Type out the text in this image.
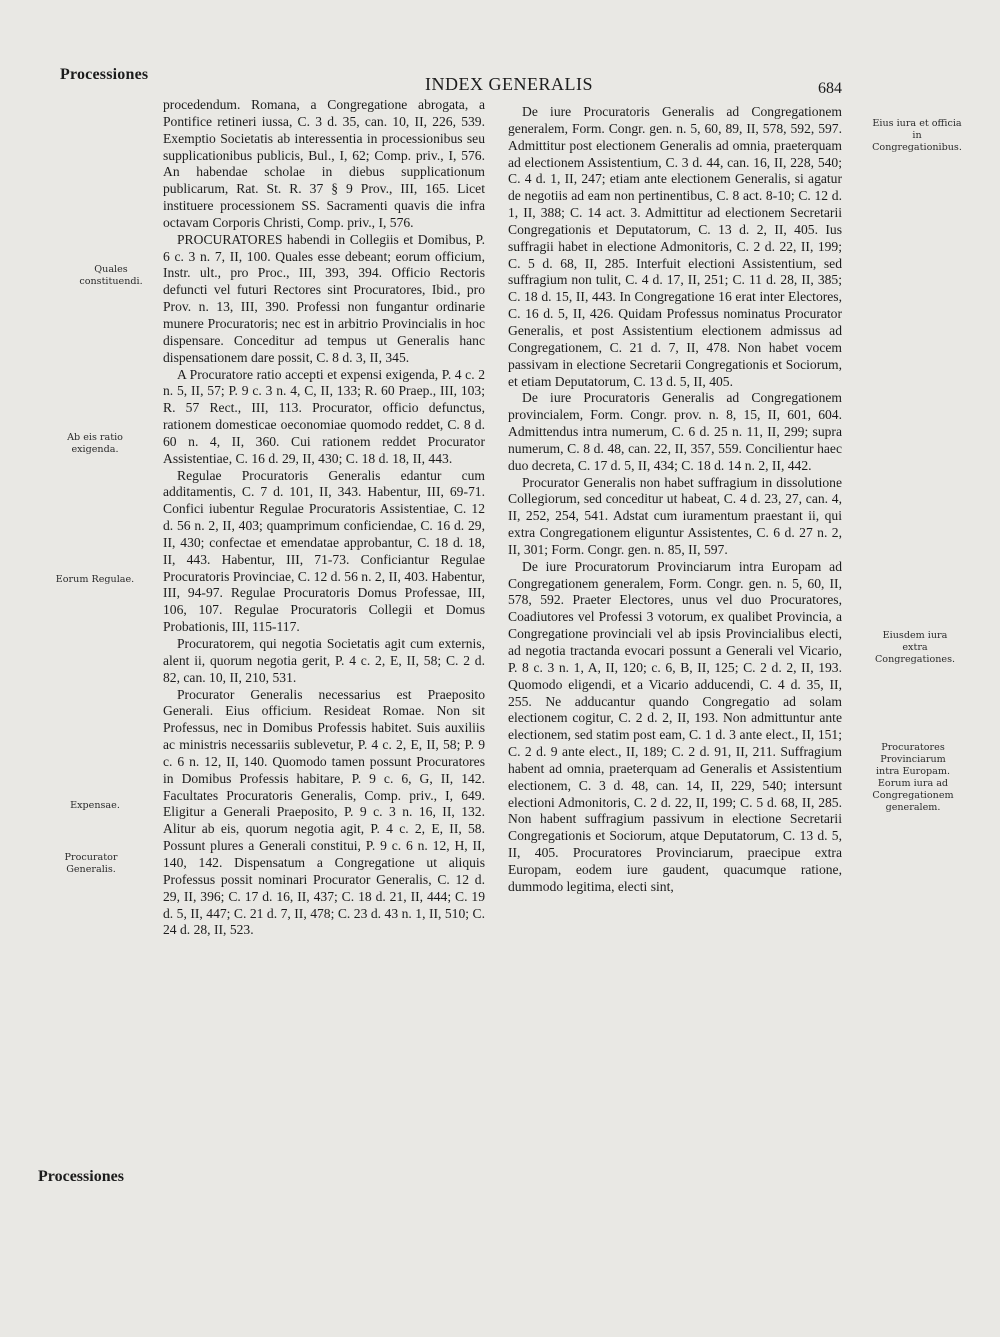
Processiones	INDEX GENERALIS	684
Quales constituendi.
Ab eis ratio exigenda.
Eorum Regulae.
Expensae.
Procurator Generalis.
Eius iura et officia in Congregationibus.
Eiusdem iura extra Congregationes.
Procuratores Provinciarum intra Europam. Eorum iura ad Congregationem generalem.

procedendum. Romana, a Congregatione abrogata, a Pontifice retineri iussa, C. 3 d. 35, can. 10, II, 226, 539. Exemptio Societatis ab interessentia in processionibus seu supplicationibus publicis, Bul., I, 62; Comp. priv., I, 576. An habendae scholae in diebus supplicationum publicarum, Rat. St. R. 37 § 9 Prov., III, 165. Licet instituere processionem SS. Sacramenti quavis die infra octavam Corporis Christi, Comp. priv., I, 576.

PROCURATORES habendi in Collegiis et Domibus, P. 6 c. 3 n. 7, II, 100. Quales esse debeant; eorum officium, Instr. ult., pro Proc., III, 393, 394. Officio Rectoris defuncti vel futuri Rectores sint Procuratores, Ibid., pro Prov. n. 13, III, 390. Professi non fungantur ordinarie munere Procuratoris; nec est in arbitrio Provincialis in hoc dispensare. Conceditur ad tempus ut Generalis hanc dispensationem dare possit, C. 8 d. 3, II, 345.

A Procuratore ratio accepti et expensi exigenda, P. 4 c. 2 n. 5, II, 57; P. 9 c. 3 n. 4, C, II, 133; R. 60 Praep., III, 103; R. 57 Rect., III, 113. Procurator, officio defunctus, rationem domesticae oeconomiae quomodo reddet, C. 8 d. 60 n. 4, II, 360. Cui rationem reddet Procurator Assistentiae, C. 16 d. 29, II, 430; C. 18 d. 18, II, 443.

Regulae Procuratoris Generalis edantur cum additamentis, C. 7 d. 101, II, 343. Habentur, III, 69-71. Confici iubentur Regulae Procuratoris Assistentiae, C. 12 d. 56 n. 2, II, 403; quamprimum conficiendae, C. 16 d. 29, II, 430; confectae et emendatae approbantur, C. 18 d. 18, II, 443. Habentur, III, 71-73. Conficiantur Regulae Procuratoris Provinciae, C. 12 d. 56 n. 2, II, 403. Habentur, III, 94-97. Regulae Procuratoris Domus Professae, III, 106, 107. Regulae Procuratoris Collegii et Domus Probationis, III, 115-117.

Procuratorem, qui negotia Societatis agit cum externis, alent ii, quorum negotia gerit, P. 4 c. 2, E, II, 58; C. 2 d. 82, can. 10, II, 210, 531.

Procurator Generalis necessarius est Praeposito Generali. Eius officium. Resideat Romae. Non sit Professus, nec in Domibus Professis habitet. Suis auxiliis ac ministris necessariis sublevetur, P. 4 c. 2, E, II, 58; P. 9 c. 6 n. 12, II, 140. Quomodo tamen possunt Procuratores in Domibus Professis habitare, P. 9 c. 6, G, II, 142. Facultates Procuratoris Generalis, Comp. priv., I, 649. Eligitur a Generali Praeposito, P. 9 c. 3 n. 16, II, 132. Alitur ab eis, quorum negotia agit, P. 4 c. 2, E, II, 58. Possunt plures a Generali constitui, P. 9 c. 6 n. 12, H, II, 140, 142. Dispensatum a Congregatione ut aliquis Professus possit nominari Procurator Generalis, C. 12 d. 29, II, 396; C. 17 d. 16, II, 437; C. 18 d. 21, II, 444; C. 19 d. 5, II, 447; C. 21 d. 7, II, 478; C. 23 d. 43 n. 1, II, 510; C. 24 d. 28, II, 523.

De iure Procuratoris Generalis ad Congregationem generalem, Form. Congr. gen. n. 5, 60, 89, II, 578, 592, 597. Admittitur post electionem Generalis ad omnia, praeterquam ad electionem Assistentium, C. 3 d. 44, can. 16, II, 228, 540; C. 4 d. 1, II, 247; etiam ante electionem Generalis, si agatur de negotiis ad eam non pertinentibus, C. 8 act. 8-10; C. 12 d. 1, II, 388; C. 14 act. 3. Admittitur ad electionem Secretarii Congregationis et Deputatorum, C. 13 d. 2, II, 405. Ius suffragii habet in electione Admonitoris, C. 2 d. 22, II, 199; C. 5 d. 68, II, 285. Interfuit electioni Assistentium, sed suffragium non tulit, C. 4 d. 17, II, 251; C. 11 d. 28, II, 385; C. 18 d. 15, II, 443. In Congregatione 16 erat inter Electores, C. 16 d. 5, II, 426. Quidam Professus nominatus Procurator Generalis, et post Assistentium electionem admissus ad Congregationem, C. 21 d. 7, II, 478. Non habet vocem passivam in electione Secretarii Congregationis et Sociorum, et etiam Deputatorum, C. 13 d. 5, II, 405.

De iure Procuratoris Generalis ad Congregationem provincialem, Form. Congr. prov. n. 8, 15, II, 601, 604. Admittendus intra numerum, C. 6 d. 25 n. 11, II, 299; supra numerum, C. 8 d. 48, can. 22, II, 357, 559. Concilientur haec duo decreta, C. 17 d. 5, II, 434; C. 18 d. 14 n. 2, II, 442.

Procurator Generalis non habet suffragium in dissolutione Collegiorum, sed conceditur ut habeat, C. 4 d. 23, 27, can. 4, II, 252, 254, 541. Adstat cum iuramentum praestant ii, qui extra Congregationem eliguntur Assistentes, C. 6 d. 27 n. 2, II, 301; Form. Congr. gen. n. 85, II, 597.

De iure Procuratorum Provinciarum intra Europam ad Congregationem generalem, Form. Congr. gen. n. 5, 60, II, 578, 592. Praeter Electores, unus vel duo Procuratores, Coadiutores vel Professi 3 votorum, ex qualibet Provincia, a Congregatione provinciali vel ab ipsis Provincialibus electi, ad negotia tractanda evocari possunt a Generali vel Vicario, P. 8 c. 3 n. 1, A, II, 120; c. 6, B, II, 125; C. 2 d. 2, II, 193. Quomodo eligendi, et a Vicario adducendi, C. 4 d. 35, II, 255. Ne adducantur quando Congregatio ad solam electionem cogitur, C. 2 d. 2, II, 193. Non admittuntur ante electionem, sed statim post eam, C. 1 d. 3 ante elect., II, 151; C. 2 d. 9 ante elect., II, 189; C. 2 d. 91, II, 211. Suffragium habent ad omnia, praeterquam ad Generalis et Assistentium electionem, C. 3 d. 48, can. 14, II, 229, 540; intersunt electioni Admonitoris, C. 2 d. 22, II, 199; C. 5 d. 68, II, 285. Non habent suffragium passivum in electione Secretarii Congregationis et Sociorum, atque Deputatorum, C. 13 d. 5, II, 405. Procuratores Provinciarum, praecipue extra Europam, eodem iure gaudent, quacumque ratione, dummodo legitima, electi sint,

Processiones
